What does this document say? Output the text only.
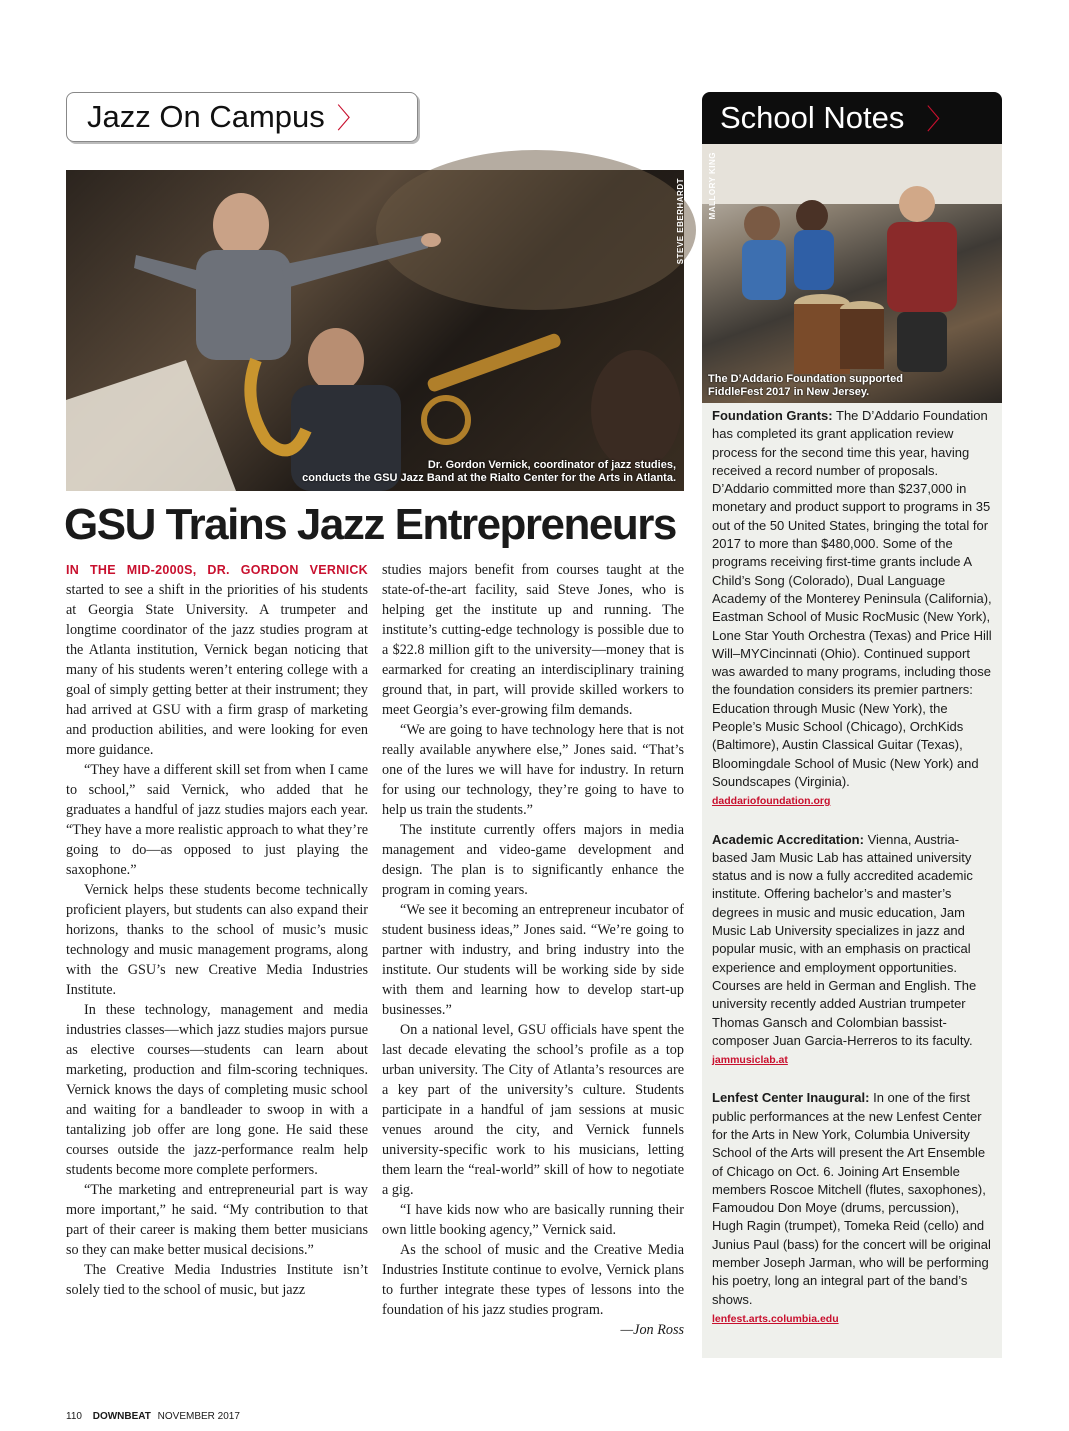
Jazz On Campus 〉	School Notes 〉
STEVE EBERHARDT
Dr. Gordon Vernick, coordinator of jazz studies,
conducts the GSU Jazz Band at the Rialto Center for the Arts in Atlanta.
GSU Trains Jazz Entrepreneurs

IN THE MID-2000S, DR. GORDON VERNICK started to see a shift in the priorities of his students at Georgia State University. A trumpeter and longtime coordinator of the jazz studies program at the Atlanta institution, Vernick began noticing that many of his students weren’t entering college with a goal of simply getting better at their instrument; they had arrived at GSU with a firm grasp of marketing and production abilities, and were looking for even more guidance.

“They have a different skill set from when I came to school,” said Vernick, who added that he graduates a handful of jazz studies majors each year. “They have a more realistic approach to what they’re going to do—as opposed to just playing the saxophone.”

Vernick helps these students become technically proficient players, but students can also expand their horizons, thanks to the school of music’s music technology and music management programs, along with the GSU’s new Creative Media Industries Institute.

In these technology, management and media industries classes—which jazz studies majors pursue as elective courses—students can learn about marketing, production and film-scoring techniques. Vernick knows the days of completing music school and waiting for a bandleader to swoop in with a tantalizing job offer are long gone. He said these courses outside the jazz-performance realm help students become more complete performers.

“The marketing and entrepreneurial part is way more important,” he said. “My contribution to that part of their career is making them better musicians so they can make better musical decisions.”

The Creative Media Industries Institute isn’t solely tied to the school of music, but jazz

studies majors benefit from courses taught at the state-of-the-art facility, said Steve Jones, who is helping get the institute up and running. The institute’s cutting-edge technology is possible due to a $22.8 million gift to the university—money that is earmarked for creating an interdisciplinary training ground that, in part, will provide skilled workers to meet Georgia’s ever-growing film demands.

“We are going to have technology here that is not really available anywhere else,” Jones said. “That’s one of the lures we will have for industry. In return for using our technology, they’re going to have to help us train the students.”

The institute currently offers majors in media management and video-game development and design. The plan is to significantly enhance the program in coming years.

“We see it becoming an entrepreneur incubator of student business ideas,” Jones said. “We’re going to partner with industry, and bring industry into the institute. Our students will be working side by side with them and learning how to develop start-up businesses.”

On a national level, GSU officials have spent the last decade elevating the school’s profile as a top urban university. The City of Atlanta’s resources are a key part of the university’s culture. Students participate in a handful of jam sessions at music venues around the city, and Vernick funnels university-specific work to his musicians, letting them learn the “real-world” skill of how to negotiate a gig.

“I have kids now who are basically running their own little booking agency,” Vernick said.

As the school of music and the Creative Media Industries Institute continue to evolve, Vernick plans to further integrate these types of lessons into the foundation of his jazz studies program.
—Jon Ross

MALLORY KING
The D’Addario Foundation supported
FiddleFest 2017 in New Jersey.
Foundation Grants: The D’Addario Foundation has completed its grant application review process for the second time this year, having received a record number of proposals. D’Addario committed more than $237,000 in monetary and product support to programs in 35 out of the 50 United States, bringing the total for 2017 to more than $480,000. Some of the programs receiving first-time grants include A Child’s Song (Colorado), Dual Language Academy of the Monterey Peninsula (California), Eastman School of Music RocMusic (New York), Lone Star Youth Orchestra (Texas) and Price Hill Will–MYCincinnati (Ohio). Continued support was awarded to many programs, including those the foundation considers its premier partners: Education through Music (New York), the People’s Music School (Chicago), OrchKids (Baltimore), Austin Classical Guitar (Texas), Bloomingdale School of Music (New York) and Soundscapes (Virginia).
daddariofoundation.org
Academic Accreditation: Vienna, Austria-based Jam Music Lab has attained university status and is now a fully accredited academic institute. Offering bachelor’s and master’s degrees in music and music education, Jam Music Lab University specializes in jazz and popular music, with an emphasis on practical experience and employment opportunities. Courses are held in German and English. The university recently added Austrian trumpeter Thomas Gansch and Colombian bassist-composer Juan Garcia-Herreros to its faculty.
jammusiclab.at
Lenfest Center Inaugural: In one of the first public performances at the new Lenfest Center for the Arts in New York, Columbia University School of the Arts will present the Art Ensemble of Chicago on Oct. 6. Joining Art Ensemble members Roscoe Mitchell (flutes, saxophones), Famoudou Don Moye (drums, percussion), Hugh Ragin (trumpet), Tomeka Reid (cello) and Junius Paul (bass) for the concert will be original member Joseph Jarman, who will be performing his poetry, long an integral part of the band’s shows.
lenfest.arts.columbia.edu
110 DOWNBEAT NOVEMBER 2017
